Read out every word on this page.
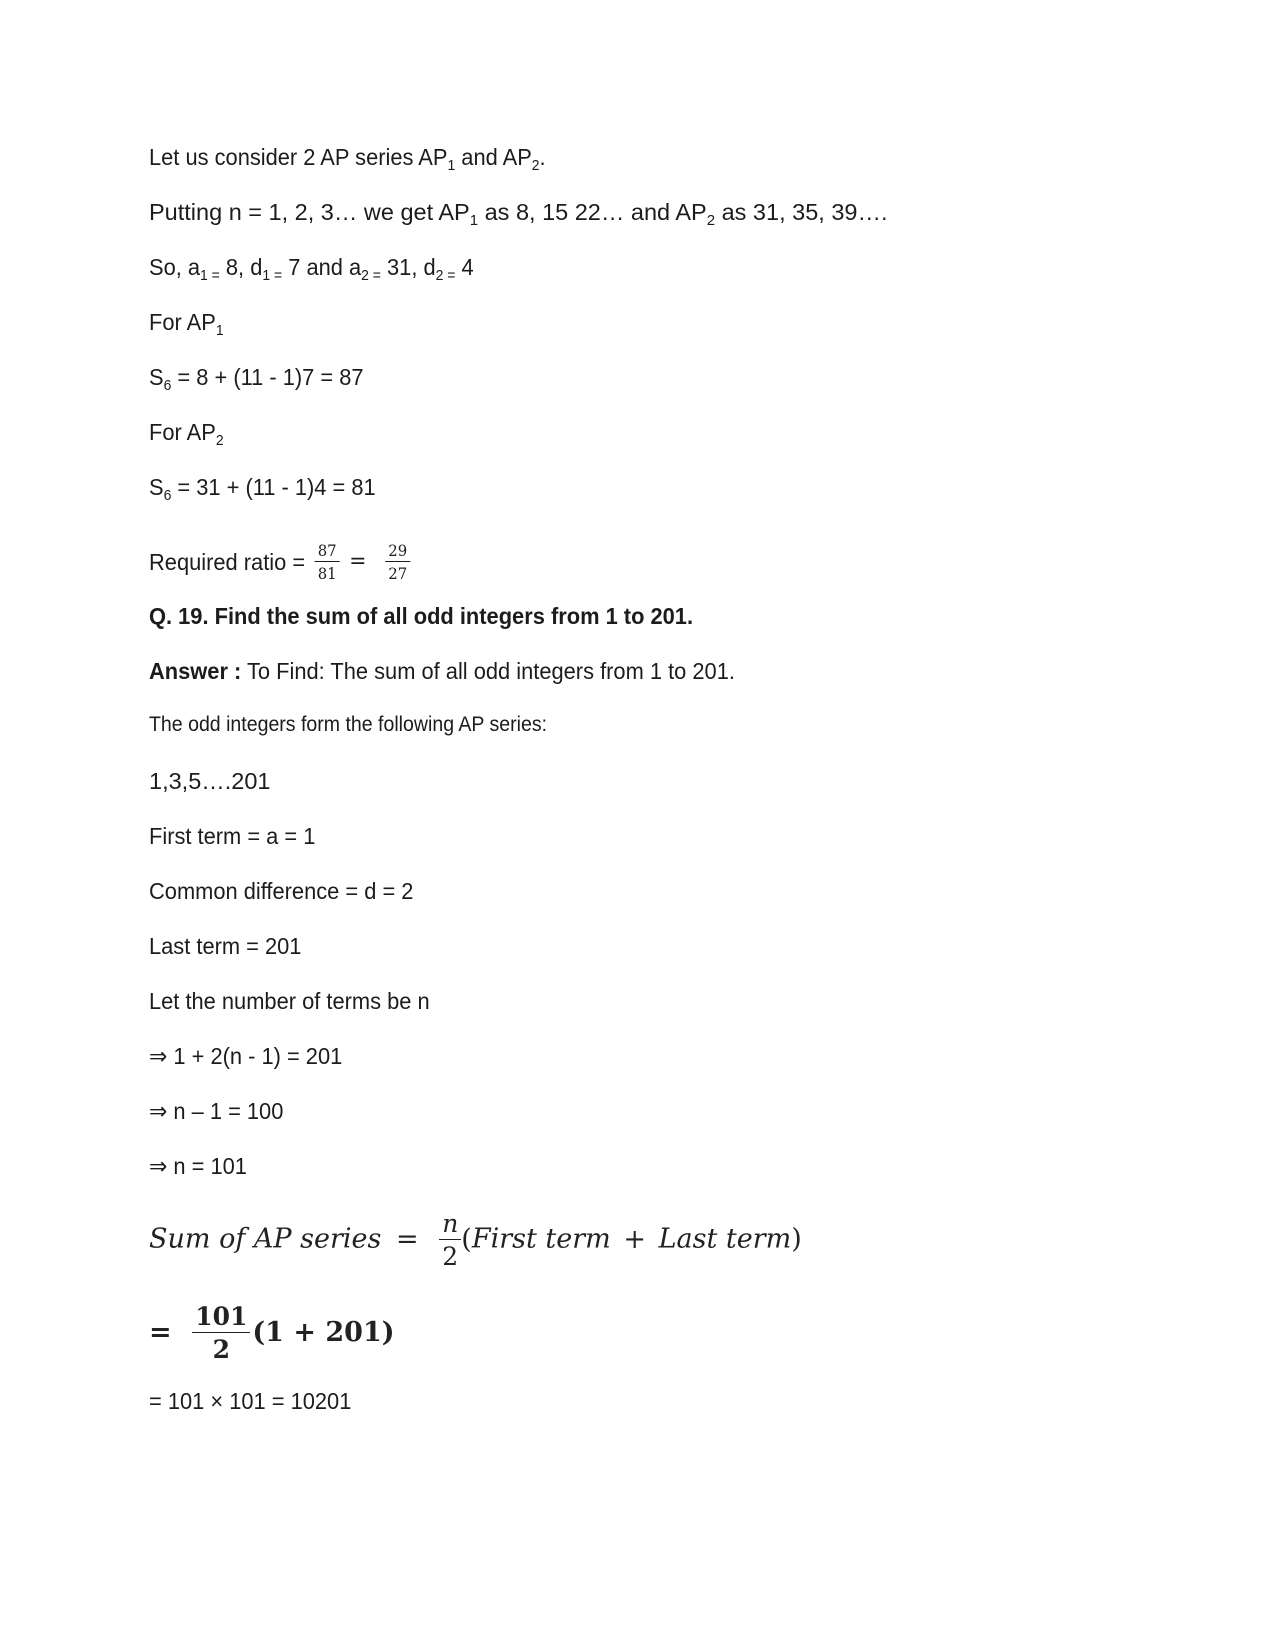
Let us consider 2 AP series $AP_1$ and $AP_2$.
Putting n = 1, 2, 3… we get $AP_1$ as 8, 15 22… and $AP_2$ as 31, 35, 39….
So, $a_{1 =}$ 8, $d_{1 =}$ 7 and $a_{2 =}$ 31, $d_{2 =}$ 4
For $AP_1$
$S_6 = 8 + (11 - 1)7 = 87$
For $AP_2$
$S_6 = 31 + (11 - 1)4 = 81$
Required ratio = $\frac{87}{81} = \frac{29}{27}$
Q. 19. Find the sum of all odd integers from 1 to 201.
Answer : To Find: The sum of all odd integers from 1 to 201.
The odd integers form the following AP series:
1,3,5….201
First term = a = 1
Common difference = d = 2
Last term = 201
Let the number of terms be n
⇒ 1 + 2(n - 1) = 201
⇒ n – 1 = 100
⇒ n = 101
Sum of AP series = $\frac{n}{2}$ (First term + Last term)
= $\frac{101}{2} (1 + 201)$
= 101 × 101 = 10201
